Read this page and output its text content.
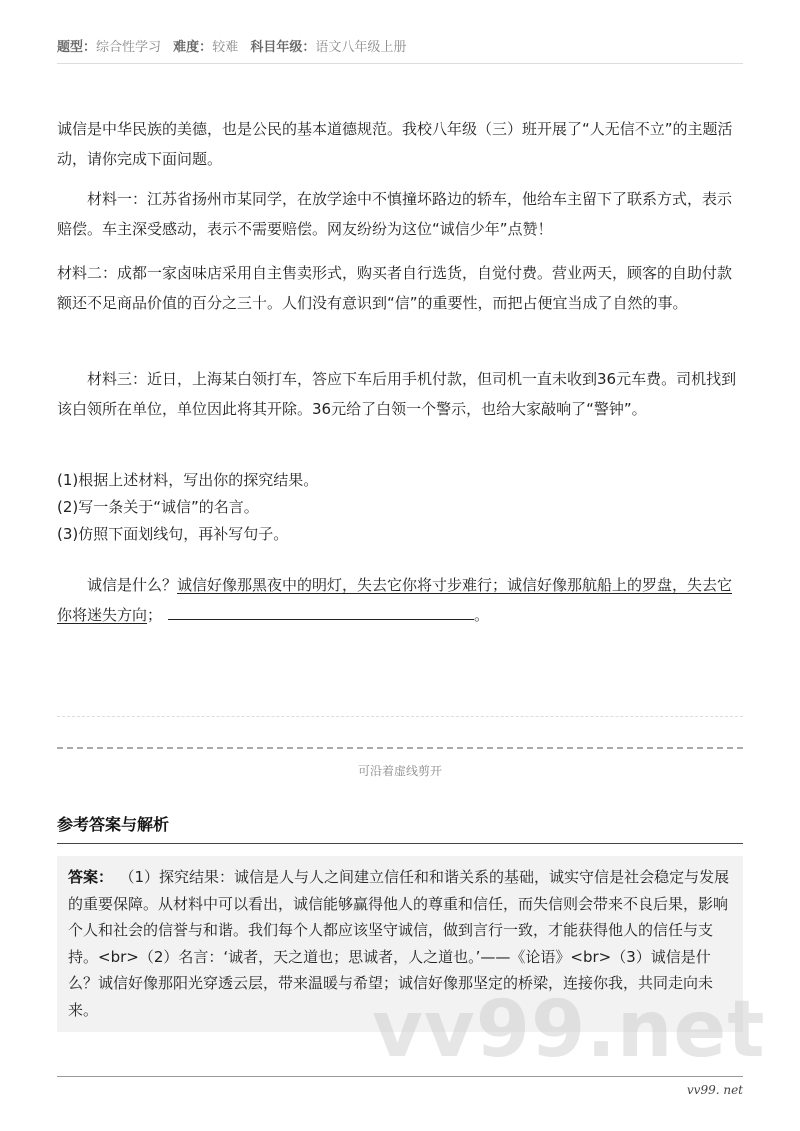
题型：综合性学习 难度：较难 科目年级：语文八年级上册

诚信是中华民族的美德，也是公民的基本道德规范。我校八年级（三）班开展了“人无信不立”的主题活动，请你完成下面问题。

材料一：江苏省扬州市某同学，在放学途中不慎撞坏路边的轿车，他给车主留下了联系方式，表示赔偿。车主深受感动，表示不需要赔偿。网友纷纷为这位“诚信少年”点赞！

材料二：成都一家卤味店采用自主售卖形式，购买者自行选货，自觉付费。营业两天，顾客的自助付款额还不足商品价值的百分之三十。人们没有意识到“信”的重要性，而把占便宜当成了自然的事。

材料三：近日，上海某白领打车，答应下车后用手机付款，但司机一直未收到36元车费。司机找到该白领所在单位，单位因此将其开除。36元给了白领一个警示，也给大家敲响了“警钟”。

(1)根据上述材料，写出你的探究结果。
(2)写一条关于“诚信”的名言。
(3)仿照下面划线句，再补写句子。

诚信是什么？诚信好像那黑夜中的明灯，失去它你将寸步难行；诚信好像那航船上的罗盘，失去它你将迷失方向；	。

可沿着虚线剪开
参考答案与解析
答案： （1）探究结果：诚信是人与人之间建立信任和和谐关系的基础，诚实守信是社会稳定与发展的重要保障。从材料中可以看出，诚信能够赢得他人的尊重和信任，而失信则会带来不良后果，影响个人和社会的信誉与和谐。我们每个人都应该坚守诚信，做到言行一致，才能获得他人的信任与支持。<br>（2）名言：‘诚者，天之道也；思诚者，人之道也。’——《论语》<br>（3）诚信是什么？诚信好像那阳光穿透云层，带来温暖与希望；诚信好像那坚定的桥梁，连接你我，共同走向未来。	vv99.net
vv99. net
